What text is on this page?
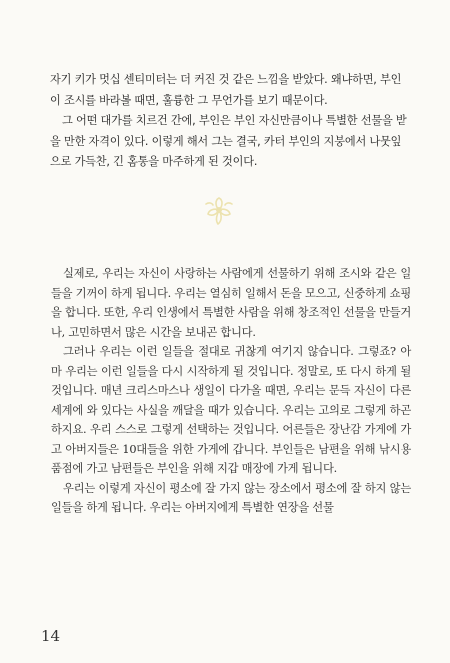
자기 키가 멋십 센티미터는 더 커진 것 같은 느낌을 받았다. 왜냐하면, 부인이 조시를 바라볼 때면, 훌륭한 그 무언가를 보기 때문이다.

그 어떤 대가를 치르건 간에, 부인은 부인 자신만큼이나 특별한 선물을 받을 만한 자격이 있다. 이렇게 해서 그는 결국, 카터 부인의 지붕에서 나뭇잎으로 가득찬, 긴 홈통을 마주하게 된 것이다.

실제로, 우리는 자신이 사랑하는 사람에게 선물하기 위해 조시와 같은 일들을 기꺼이 하게 됩니다. 우리는 열심히 일해서 돈을 모으고, 신중하게 쇼핑을 합니다. 또한, 우리 인생에서 특별한 사람을 위해 창조적인 선물을 만들거나, 고민하면서 많은 시간을 보내곤 합니다.

그러나 우리는 이런 일들을 절대로 귀찮게 여기지 않습니다. 그렇죠? 아마 우리는 이런 일들을 다시 시작하게 될 것입니다. 정말로, 또 다시 하게 될것입니다. 매년 크리스마스나 생일이 다가올 때면, 우리는 문득 자신이 다른 세계에 와 있다는 사실을 깨달을 때가 있습니다. 우리는 고의로 그렇게 하곤 하지요. 우리 스스로 그렇게 선택하는 것입니다. 어른들은 장난감 가게에 가고 아버지들은 10대들을 위한 가게에 갑니다. 부인들은 남편을 위해 낚시용품점에 가고 남편들은 부인을 위해 지갑 매장에 가게 됩니다.

우리는 이렇게 자신이 평소에 잘 가지 않는 장소에서 평소에 잘 하지 않는 일들을 하게 됩니다. 우리는 아버지에게 특별한 연장을 선물

14
